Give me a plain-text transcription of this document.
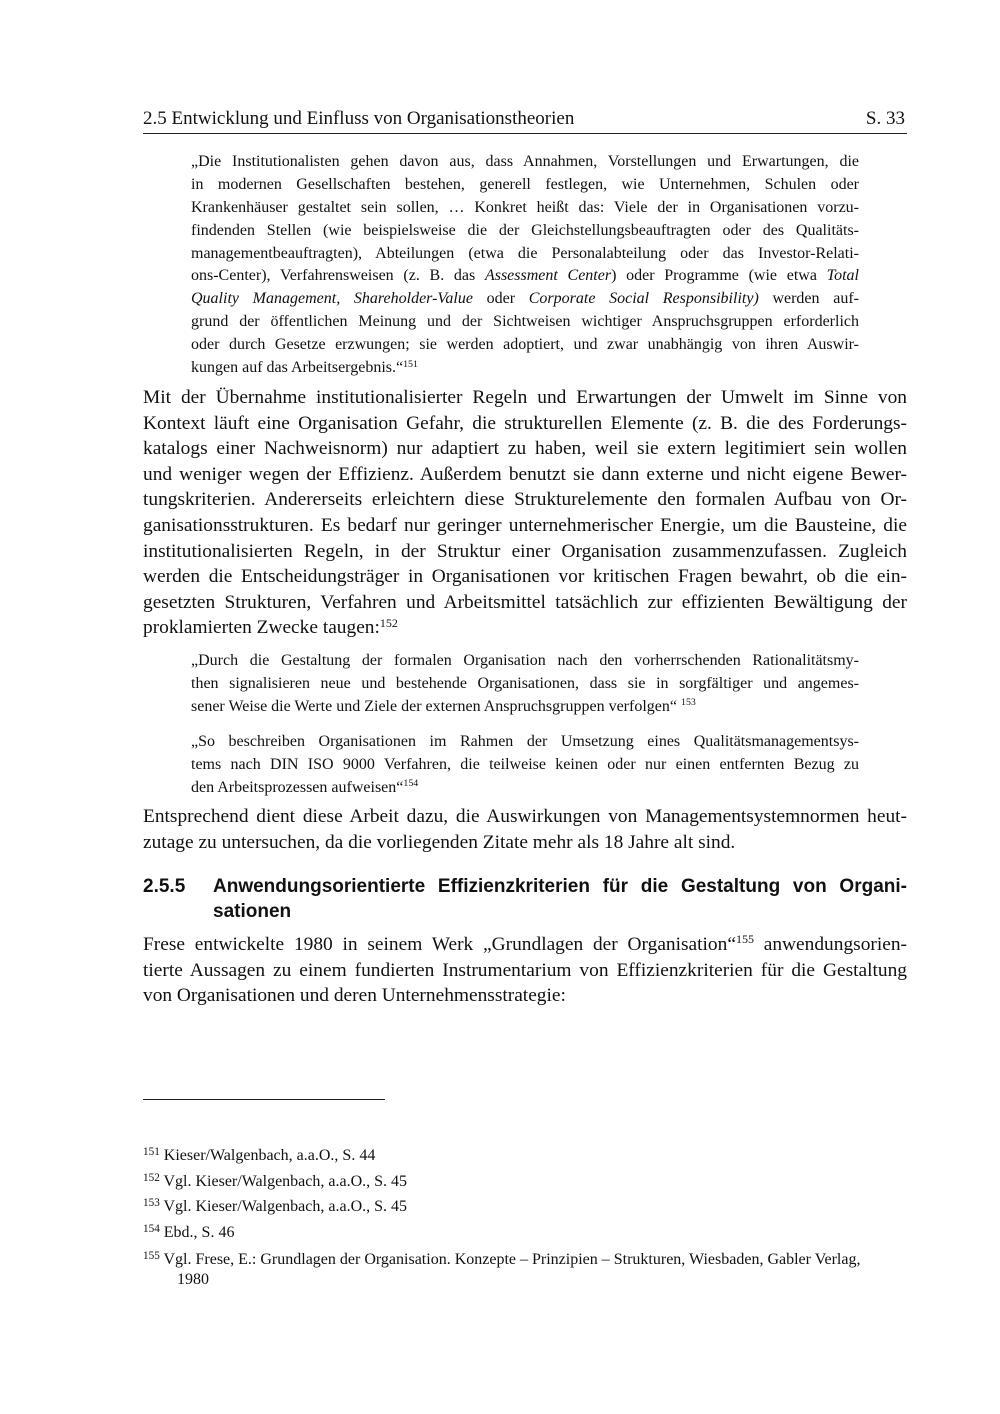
2.5 Entwicklung und Einfluss von Organisationstheorien	S. 33
„Die Institutionalisten gehen davon aus, dass Annahmen, Vorstellungen und Erwartungen, die
in modernen Gesellschaften bestehen, generell festlegen, wie Unternehmen, Schulen oder
Krankenhäuser gestaltet sein sollen, … Konkret heißt das: Viele der in Organisationen vorzu-
findenden Stellen (wie beispielsweise die der Gleichstellungsbeauftragten oder des Qualitäts-
managementbeauftragten), Abteilungen (etwa die Personalabteilung oder das Investor-Relati-
ons-Center), Verfahrensweisen (z. B. das Assessment Center) oder Programme (wie etwa Total
Quality Management, Shareholder-Value oder Corporate Social Responsibility) werden auf-
grund der öffentlichen Meinung und der Sichtweisen wichtiger Anspruchsgruppen erforderlich
oder durch Gesetze erzwungen; sie werden adoptiert, und zwar unabhängig von ihren Auswir-
kungen auf das Arbeitsergebnis.“$^{151}$
Mit der Übernahme institutionalisierter Regeln und Erwartungen der Umwelt im Sinne von
Kontext läuft eine Organisation Gefahr, die strukturellen Elemente (z. B. die des Forderungs-
katalogs einer Nachweisnorm) nur adaptiert zu haben, weil sie extern legitimiert sein wollen
und weniger wegen der Effizienz. Außerdem benutzt sie dann externe und nicht eigene Bewer-
tungskriterien. Andererseits erleichtern diese Strukturelemente den formalen Aufbau von Or-
ganisationsstrukturen. Es bedarf nur geringer unternehmerischer Energie, um die Bausteine, die
institutionalisierten Regeln, in der Struktur einer Organisation zusammenzufassen. Zugleich
werden die Entscheidungsträger in Organisationen vor kritischen Fragen bewahrt, ob die ein-
gesetzten Strukturen, Verfahren und Arbeitsmittel tatsächlich zur effizienten Bewältigung der
proklamierten Zwecke taugen:$^{152}$
„Durch die Gestaltung der formalen Organisation nach den vorherrschenden Rationalitätsmy-
then signalisieren neue und bestehende Organisationen, dass sie in sorgfältiger und angemes-
sener Weise die Werte und Ziele der externen Anspruchsgruppen verfolgen“ $^{153}$
„So beschreiben Organisationen im Rahmen der Umsetzung eines Qualitätsmanagementsys-
tems nach DIN ISO 9000 Verfahren, die teilweise keinen oder nur einen entfernten Bezug zu
den Arbeitsprozessen aufweisen“$^{154}$
Entsprechend dient diese Arbeit dazu, die Auswirkungen von Managementsystemnormen heut-
zutage zu untersuchen, da die vorliegenden Zitate mehr als 18 Jahre alt sind.
2.5.5 Anwendungsorientierte Effizienzkriterien für die Gestaltung von Organi-
sationen
Frese entwickelte 1980 in seinem Werk „Grundlagen der Organisation“$^{155}$ anwendungsorien-
tierte Aussagen zu einem fundierten Instrumentarium von Effizienzkriterien für die Gestaltung
von Organisationen und deren Unternehmensstrategie:
$^{151}$ Kieser/Walgenbach, a.a.O., S. 44
$^{152}$ Vgl. Kieser/Walgenbach, a.a.O., S. 45
$^{153}$ Vgl. Kieser/Walgenbach, a.a.O., S. 45
$^{154}$ Ebd., S. 46
$^{155}$ Vgl. Frese, E.: Grundlagen der Organisation. Konzepte – Prinzipien – Strukturen, Wiesbaden, Gabler Verlag,
1980
